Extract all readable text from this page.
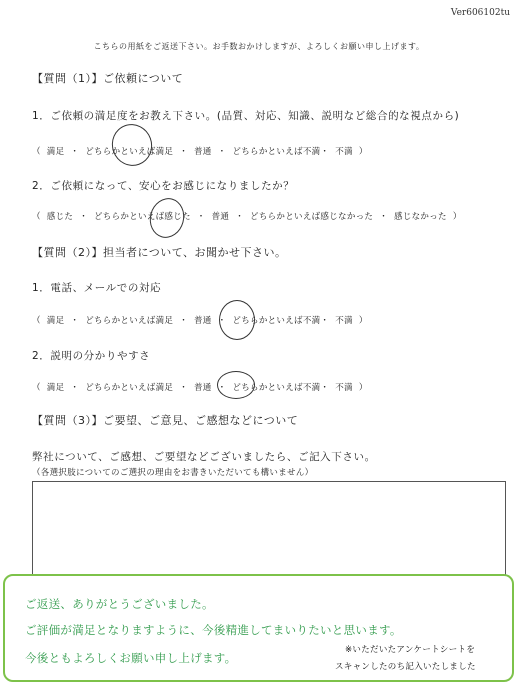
Ver606102tu
こちらの用紙をご返送下さい。お手数おかけしますが、よろしくお願い申し上げます。
【質問（1）】ご依頼について
1．ご依頼の満足度をお教え下さい。(品質、対応、知識、説明など総合的な視点から)
（ 満足 ・ どちらかといえば満足 ・ 普通 ・ どちらかといえば不満・ 不満 ）
2．ご依頼になって、安心をお感じになりましたか？
（ 感じた ・ どちらかといえば感じた ・ 普通 ・ どちらかといえば感じなかった ・ 感じなかった ）
【質問（2）】担当者について、お聞かせ下さい。
1．電話、メールでの対応
（ 満足 ・ どちらかといえば満足 ・ 普通 ・ どちらかといえば不満・ 不満 ）
2．説明の分かりやすさ
（ 満足 ・ どちらかといえば満足 ・ 普通 ・ どちらかといえば不満・ 不満 ）
【質問（3）】ご要望、ご意見、ご感想などについて
弊社について、ご感想、ご要望などございましたら、ご記入下さい。
（各選択肢についてのご選択の理由をお書きいただいても構いません）
ご返送、ありがとうございました。
ご評価が満足となりますように、今後精進してまいりたいと思います。
今後ともよろしくお願い申し上げます。
※いただいたアンケートシートを
スキャンしたのち記入いたしました
